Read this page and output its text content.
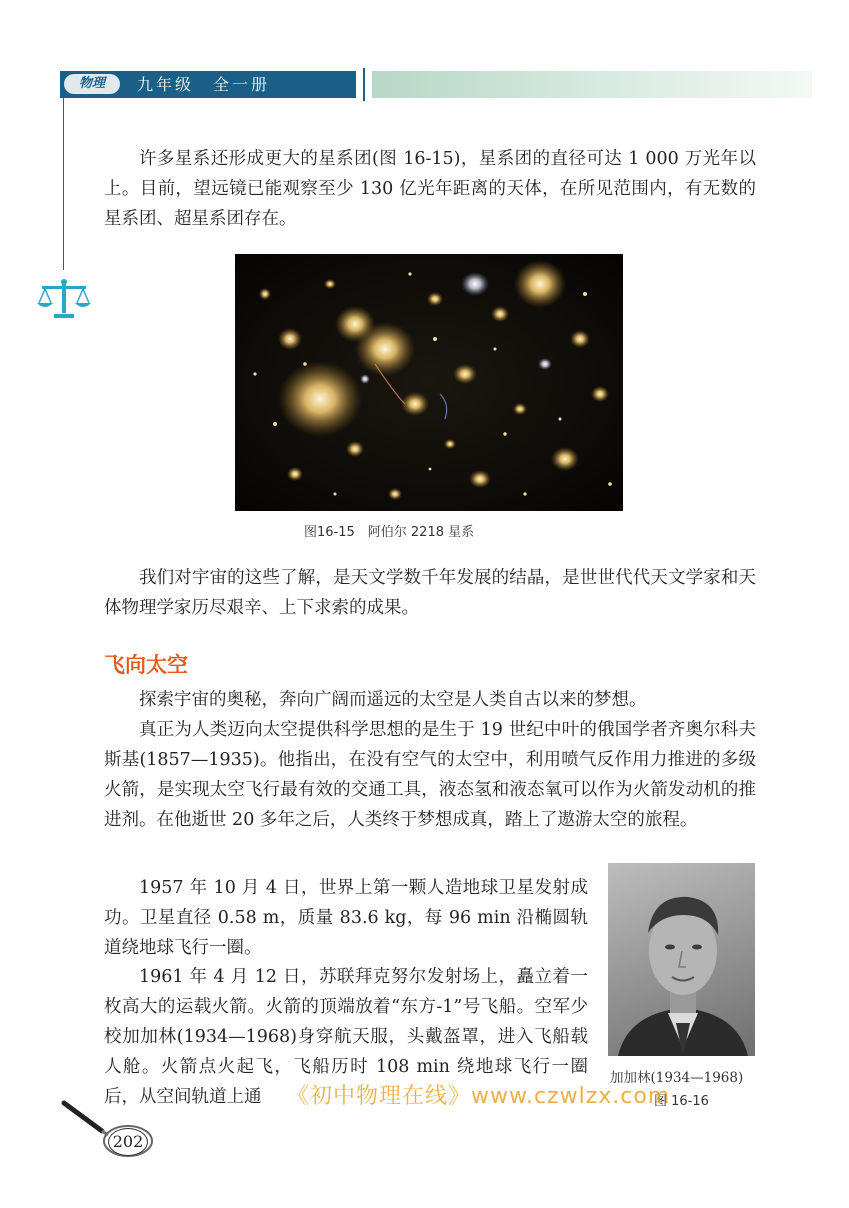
物理	九年级　全一册

许多星系还形成更大的星系团(图 16-15)，星系团的直径可达 1 000 万光年以上。目前，望远镜已能观察至少 130 亿光年距离的天体，在所见范围内，有无数的星系团、超星系团存在。

图16-15　阿伯尔 2218 星系

我们对宇宙的这些了解，是天文学数千年发展的结晶，是世世代代天文学家和天体物理学家历尽艰辛、上下求索的成果。

飞向太空

探索宇宙的奥秘，奔向广阔而遥远的太空是人类自古以来的梦想。

真正为人类迈向太空提供科学思想的是生于 19 世纪中叶的俄国学者齐奥尔科夫斯基(1857—1935)。他指出，在没有空气的太空中，利用喷气反作用力推进的多级火箭，是实现太空飞行最有效的交通工具，液态氢和液态氧可以作为火箭发动机的推进剂。在他逝世 20 多年之后，人类终于梦想成真，踏上了遨游太空的旅程。

1957 年 10 月 4 日，世界上第一颗人造地球卫星发射成功。卫星直径 0.58 m，质量 83.6 kg，每 96 min 沿椭圆轨道绕地球飞行一圈。

1961 年 4 月 12 日，苏联拜克努尔发射场上，矗立着一枚高大的运载火箭。火箭的顶端放着“东方-1”号飞船。空军少校加加林(1934—1968)身穿航天服，头戴盔罩，进入飞船载人舱。火箭点火起飞，飞船历时 108 min 绕地球飞行一圈后，从空间轨道上通

加加林(1934—1968)
图 16-16
《初中物理在线》www.czwlzx.com
202
